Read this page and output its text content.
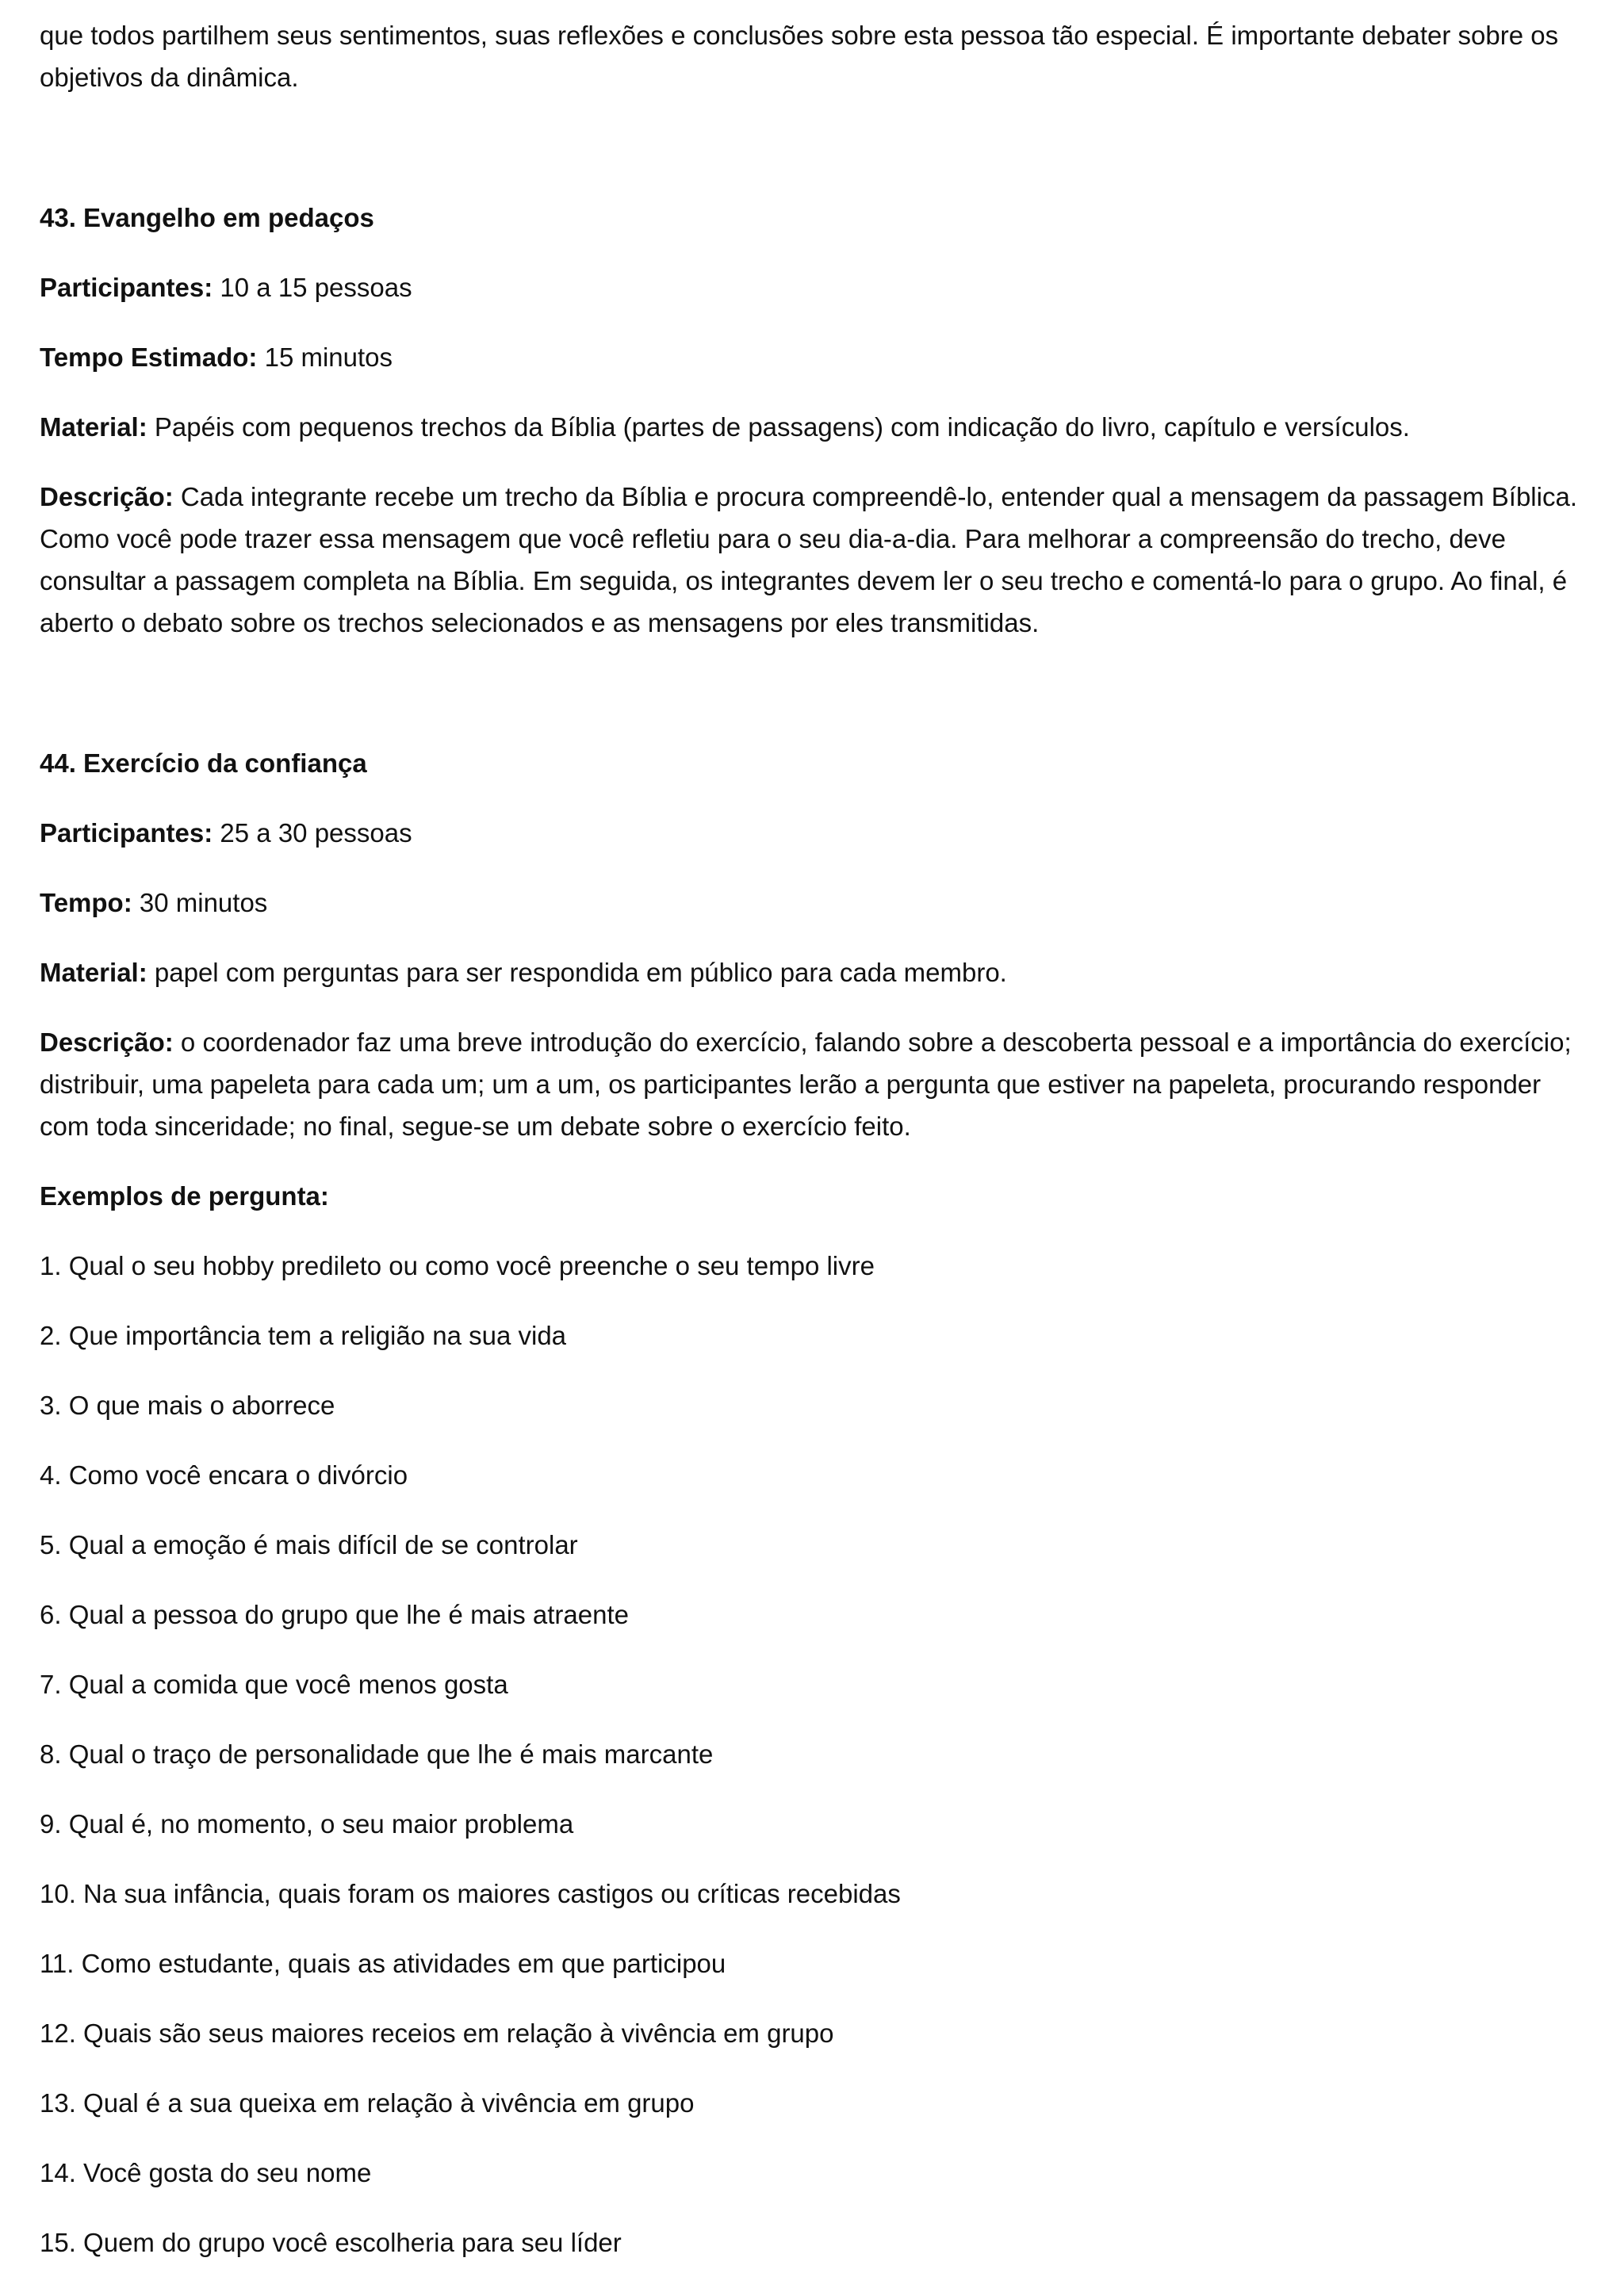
que todos partilhem seus sentimentos, suas reflexões e conclusões sobre esta pessoa tão especial. É importante debater sobre os objetivos da dinâmica.

43. Evangelho em pedaços

Participantes: 10 a 15 pessoas

Tempo Estimado: 15 minutos

Material: Papéis com pequenos trechos da Bíblia (partes de passagens) com indicação do livro, capítulo e versículos.

Descrição: Cada integrante recebe um trecho da Bíblia e procura compreendê-lo, entender qual a mensagem da passagem Bíblica. Como você pode trazer essa mensagem que você refletiu para o seu dia-a-dia. Para melhorar a compreensão do trecho, deve consultar a passagem completa na Bíblia. Em seguida, os integrantes devem ler o seu trecho e comentá-lo para o grupo. Ao final, é aberto o debato sobre os trechos selecionados e as mensagens por eles transmitidas.

44. Exercício da confiança

Participantes: 25 a 30 pessoas

Tempo: 30 minutos

Material: papel com perguntas para ser respondida em público para cada membro.

Descrição: o coordenador faz uma breve introdução do exercício, falando sobre a descoberta pessoal e a importância do exercício; distribuir, uma papeleta para cada um; um a um, os participantes lerão a pergunta que estiver na papeleta, procurando responder com toda sinceridade; no final, segue-se um debate sobre o exercício feito.

Exemplos de pergunta:

1. Qual o seu hobby predileto ou como você preenche o seu tempo livre

2. Que importância tem a religião na sua vida

3. O que mais o aborrece

4. Como você encara o divórcio

5. Qual a emoção é mais difícil de se controlar

6. Qual a pessoa do grupo que lhe é mais atraente

7. Qual a comida que você menos gosta

8. Qual o traço de personalidade que lhe é mais marcante

9. Qual é, no momento, o seu maior problema

10. Na sua infância, quais foram os maiores castigos ou críticas recebidas

11. Como estudante, quais as atividades em que participou

12. Quais são seus maiores receios em relação à vivência em grupo

13. Qual é a sua queixa em relação à vivência em grupo

14. Você gosta do seu nome

15. Quem do grupo você escolheria para seu líder
